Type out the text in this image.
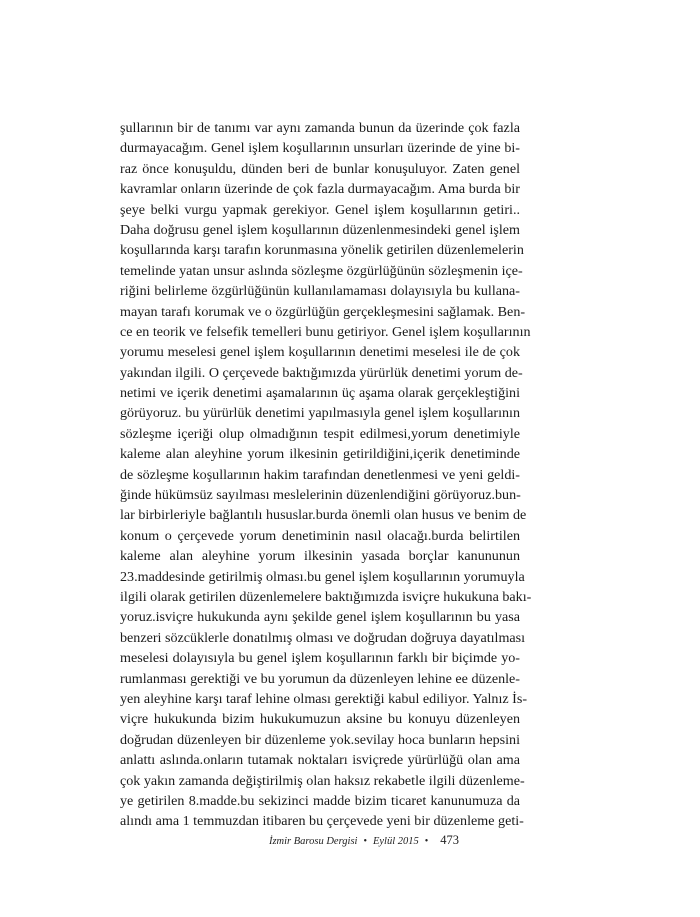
şullarının bir de tanımı var aynı zamanda bunun da üzerinde çok fazla
durmayacağım. Genel işlem koşullarının unsurları üzerinde de yine bi-
raz önce konuşuldu, dünden beri de bunlar konuşuluyor. Zaten genel
kavramlar onların üzerinde de çok fazla durmayacağım. Ama burda bir
şeye belki vurgu yapmak gerekiyor. Genel işlem koşullarının getiri..
Daha doğrusu genel işlem koşullarının düzenlenmesindeki genel işlem
koşullarında karşı tarafın korunmasına yönelik getirilen düzenlemelerin
temelinde yatan unsur aslında sözleşme özgürlüğünün sözleşmenin içe-
riğini belirleme özgürlüğünün kullanılamaması dolayısıyla bu kullana-
mayan tarafı korumak ve o özgürlüğün gerçekleşmesini sağlamak. Ben-
ce en teorik ve felsefik temelleri bunu getiriyor. Genel işlem koşullarının
yorumu meselesi genel işlem koşullarının denetimi meselesi ile de çok
yakından ilgili. O çerçevede baktığımızda yürürlük denetimi yorum de-
netimi ve içerik denetimi aşamalarının üç aşama olarak gerçekleştiğini
görüyoruz. bu yürürlük denetimi yapılmasıyla genel işlem koşullarının
sözleşme içeriği olup olmadığının tespit edilmesi,yorum denetimiyle
kaleme alan aleyhine yorum ilkesinin getirildiğini,içerik denetiminde
de sözleşme koşullarının hakim tarafından denetlenmesi ve yeni geldi-
ğinde hükümsüz sayılması meslelerinin düzenlendiğini görüyoruz.bun-
lar birbirleriyle bağlantılı hususlar.burda önemli olan husus ve benim de
konum o çerçevede yorum denetiminin nasıl olacağı.burda belirtilen
kaleme alan aleyhine yorum ilkesinin yasada borçlar kanununun
23.maddesinde getirilmiş olması.bu genel işlem koşullarının yorumuyla
ilgili olarak getirilen düzenlemelere baktığımızda isviçre hukukuna bakı-
yoruz.isviçre hukukunda aynı şekilde genel işlem koşullarının bu yasa
benzeri sözcüklerle donatılmış olması ve doğrudan doğruya dayatılması
meselesi dolayısıyla bu genel işlem koşullarının farklı bir biçimde yo-
rumlanması gerektiği ve bu yorumun da düzenleyen lehine ee düzenle-
yen aleyhine karşı taraf lehine olması gerektiği kabul ediliyor. Yalnız İs-
viçre hukukunda bizim hukukumuzun aksine bu konuyu düzenleyen
doğrudan düzenleyen bir düzenleme yok.sevilay hoca bunların hepsini
anlattı aslında.onların tutamak noktaları isviçrede yürürlüğü olan ama
çok yakın zamanda değiştirilmiş olan haksız rekabetle ilgili düzenleme-
ye getirilen 8.madde.bu sekizinci madde bizim ticaret kanunumuza da
alındı ama 1 temmuzdan itibaren bu çerçevede yeni bir düzenleme geti-
İzmir Barosu Dergisi • Eylül 2015 • 473
